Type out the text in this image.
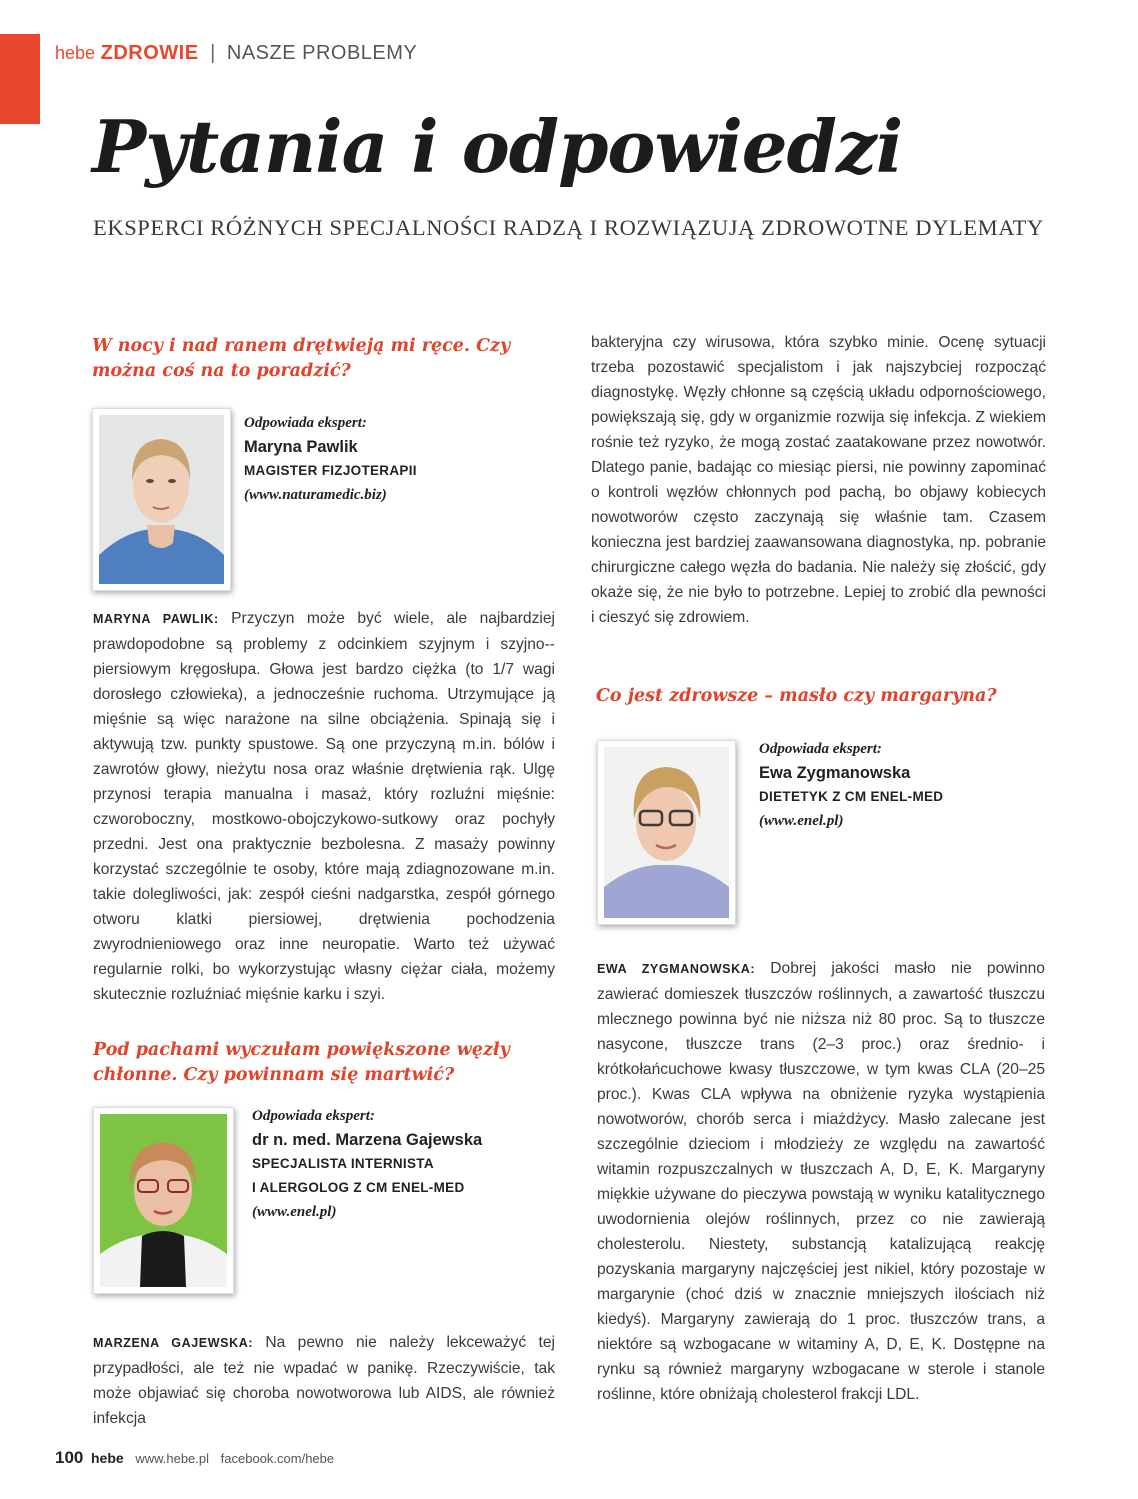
hebe ZDROWIE | NASZE PROBLEMY
Pytania i odpowiedzi
EKSPERCI RÓŻNYCH SPECJALNOŚCI RADZĄ I ROZWIĄZUJĄ ZDROWOTNE DYLEMATY
W nocy i nad ranem drętwieją mi ręce. Czy można coś na to poradzić?
Odpowiada ekspert:
Maryna Pawlik
MAGISTER FIZJOTERAPII
(www.naturamedic.biz)

MARYNA PAWLIK: Przyczyn może być wiele, ale najbardziej prawdopodobne są problemy z odcinkiem szyjnym i szyjno--piersiowym kręgosłupa. Głowa jest bardzo ciężka (to 1/7 wagi dorosłego człowieka), a jednocześnie ruchoma. Utrzymujące ją mięśnie są więc narażone na silne obciążenia. Spinają się i aktywują tzw. punkty spustowe. Są one przyczyną m.in. bólów i zawrotów głowy, nieżytu nosa oraz właśnie drętwienia rąk. Ulgę przynosi terapia manualna i masaż, który rozluźni mięśnie: czworoboczny, mostkowo-obojczykowo-sutkowy oraz pochyły przedni. Jest ona praktycznie bezbolesna. Z masaży powinny korzystać szczególnie te osoby, które mają zdiagnozowane m.in. takie dolegliwości, jak: zespół cieśni nadgarstka, zespół górnego otworu klatki piersiowej, drętwienia pochodzenia zwyrodnieniowego oraz inne neuropatie. Warto też używać regularnie rolki, bo wykorzystując własny ciężar ciała, możemy skutecznie rozluźniać mięśnie karku i szyi.

Pod pachami wyczułam powiększone węzły chłonne. Czy powinnam się martwić?
Odpowiada ekspert:
dr n. med. Marzena Gajewska
SPECJALISTA INTERNISTA
I ALERGOLOG Z CM ENEL-MED
(www.enel.pl)

MARZENA GAJEWSKA: Na pewno nie należy lekceważyć tej przypadłości, ale też nie wpadać w panikę. Rzeczywiście, tak może objawiać się choroba nowotworowa lub AIDS, ale również infekcja

bakteryjna czy wirusowa, która szybko minie. Ocenę sytuacji trzeba pozostawić specjalistom i jak najszybciej rozpocząć diagnostykę. Węzły chłonne są częścią układu odpornościowego, powiększają się, gdy w organizmie rozwija się infekcja. Z wiekiem rośnie też ryzyko, że mogą zostać zaatakowane przez nowotwór. Dlatego panie, badając co miesiąc piersi, nie powinny zapominać o kontroli węzłów chłonnych pod pachą, bo objawy kobiecych nowotworów często zaczynają się właśnie tam. Czasem konieczna jest bardziej zaawansowana diagnostyka, np. pobranie chirurgiczne całego węzła do badania. Nie należy się złościć, gdy okaże się, że nie było to potrzebne. Lepiej to zrobić dla pewności i cieszyć się zdrowiem.

Co jest zdrowsze – masło czy margaryna?
Odpowiada ekspert:
Ewa Zygmanowska
DIETETYK Z CM ENEL-MED
(www.enel.pl)

EWA ZYGMANOWSKA: Dobrej jakości masło nie powinno zawierać domieszek tłuszczów roślinnych, a zawartość tłuszczu mlecznego powinna być nie niższa niż 80 proc. Są to tłuszcze nasycone, tłuszcze trans (2–3 proc.) oraz średnio- i krótkołańcuchowe kwasy tłuszczowe, w tym kwas CLA (20–25 proc.). Kwas CLA wpływa na obniżenie ryzyka wystąpienia nowotworów, chorób serca i miażdżycy. Masło zalecane jest szczególnie dzieciom i młodzieży ze względu na zawartość witamin rozpuszczalnych w tłuszczach A, D, E, K. Margaryny miękkie używane do pieczywa powstają w wyniku katalitycznego uwodornienia olejów roślinnych, przez co nie zawierają cholesterolu. Niestety, substancją katalizującą reakcję pozyskania margaryny najczęściej jest nikiel, który pozostaje w margarynie (choć dziś w znacznie mniejszych ilościach niż kiedyś). Margaryny zawierają do 1 proc. tłuszczów trans, a niektóre są wzbogacane w witaminy A, D, E, K. Dostępne na rynku są również margaryny wzbogacane w sterole i stanole roślinne, które obniżają cholesterol frakcji LDL.

100 hebe www.hebe.pl facebook.com/hebe
